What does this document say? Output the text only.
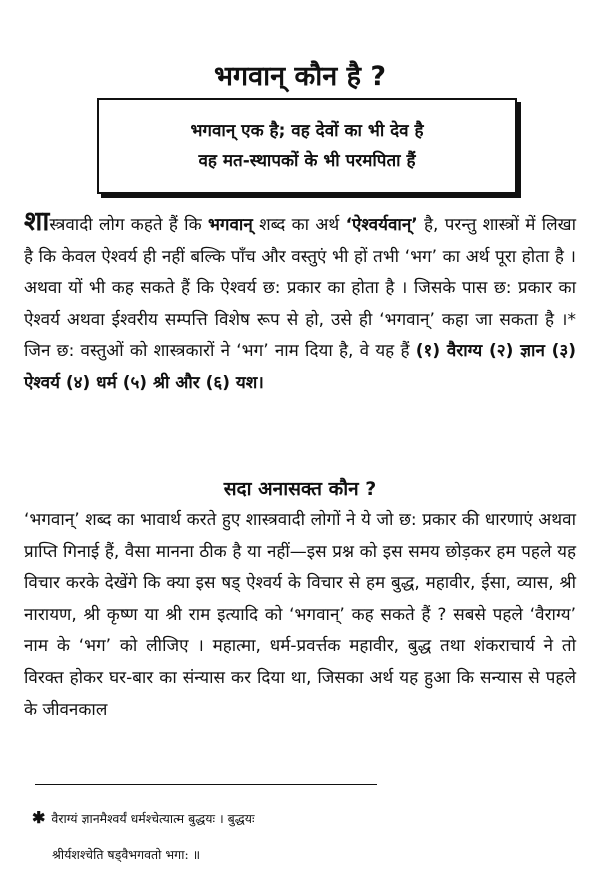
भगवान् कौन है ?
भगवान् एक है; वह देवों का भी देव है
वह मत-स्थापकों के भी परमपिता हैं

शास्त्रवादी लोग कहते हैं कि भगवान् शब्द का अर्थ ‘ऐश्वर्यवान्’ है, परन्तु शास्त्रों में लिखा है कि केवल ऐश्वर्य ही नहीं बल्कि पाँच और वस्तुएं भी हों तभी ‘भग’ का अर्थ पूरा होता है । अथवा यों भी कह सकते हैं कि ऐश्वर्य छ: प्रकार का होता है । जिसके पास छ: प्रकार का ऐश्वर्य अथवा ईश्वरीय सम्पत्ति विशेष रूप से हो, उसे ही ‘भगवान्’ कहा जा सकता है ।* जिन छ: वस्तुओं को शास्त्रकारों ने ‘भग’ नाम दिया है, वे यह हैं (१) वैराग्य (२) ज्ञान (३) ऐश्वर्य (४) धर्म (५) श्री और (६) यश।

सदा अनासक्त कौन ?

‘भगवान्’ शब्द का भावार्थ करते हुए शास्त्रवादी लोगों ने ये जो छ: प्रकार की धारणाएं अथवा प्राप्ति गिनाई हैं, वैसा मानना ठीक है या नहीं—इस प्रश्न को इस समय छोड़कर हम पहले यह विचार करके देखेंगे कि क्या इस षड् ऐश्वर्य के विचार से हम बुद्ध, महावीर, ईसा, व्यास, श्री नारायण, श्री कृष्ण या श्री राम इत्यादि को ‘भगवान्’ कह सकते हैं ? सबसे पहले ‘वैराग्य’ नाम के ‘भग’ को लीजिए । महात्मा, धर्म-प्रवर्त्तक महावीर, बुद्ध तथा शंकराचार्य ने तो विरक्त होकर घर-बार का संन्यास कर दिया था, जिसका अर्थ यह हुआ कि सन्यास से पहले के जीवनकाल

✱ वैराग्यं ज्ञानमैश्वर्यं धर्मश्चेत्यात्म बुद्धयः । बुद्धयः
श्रीर्यशश्चेति षड्वैभगवतो भगा: ॥
